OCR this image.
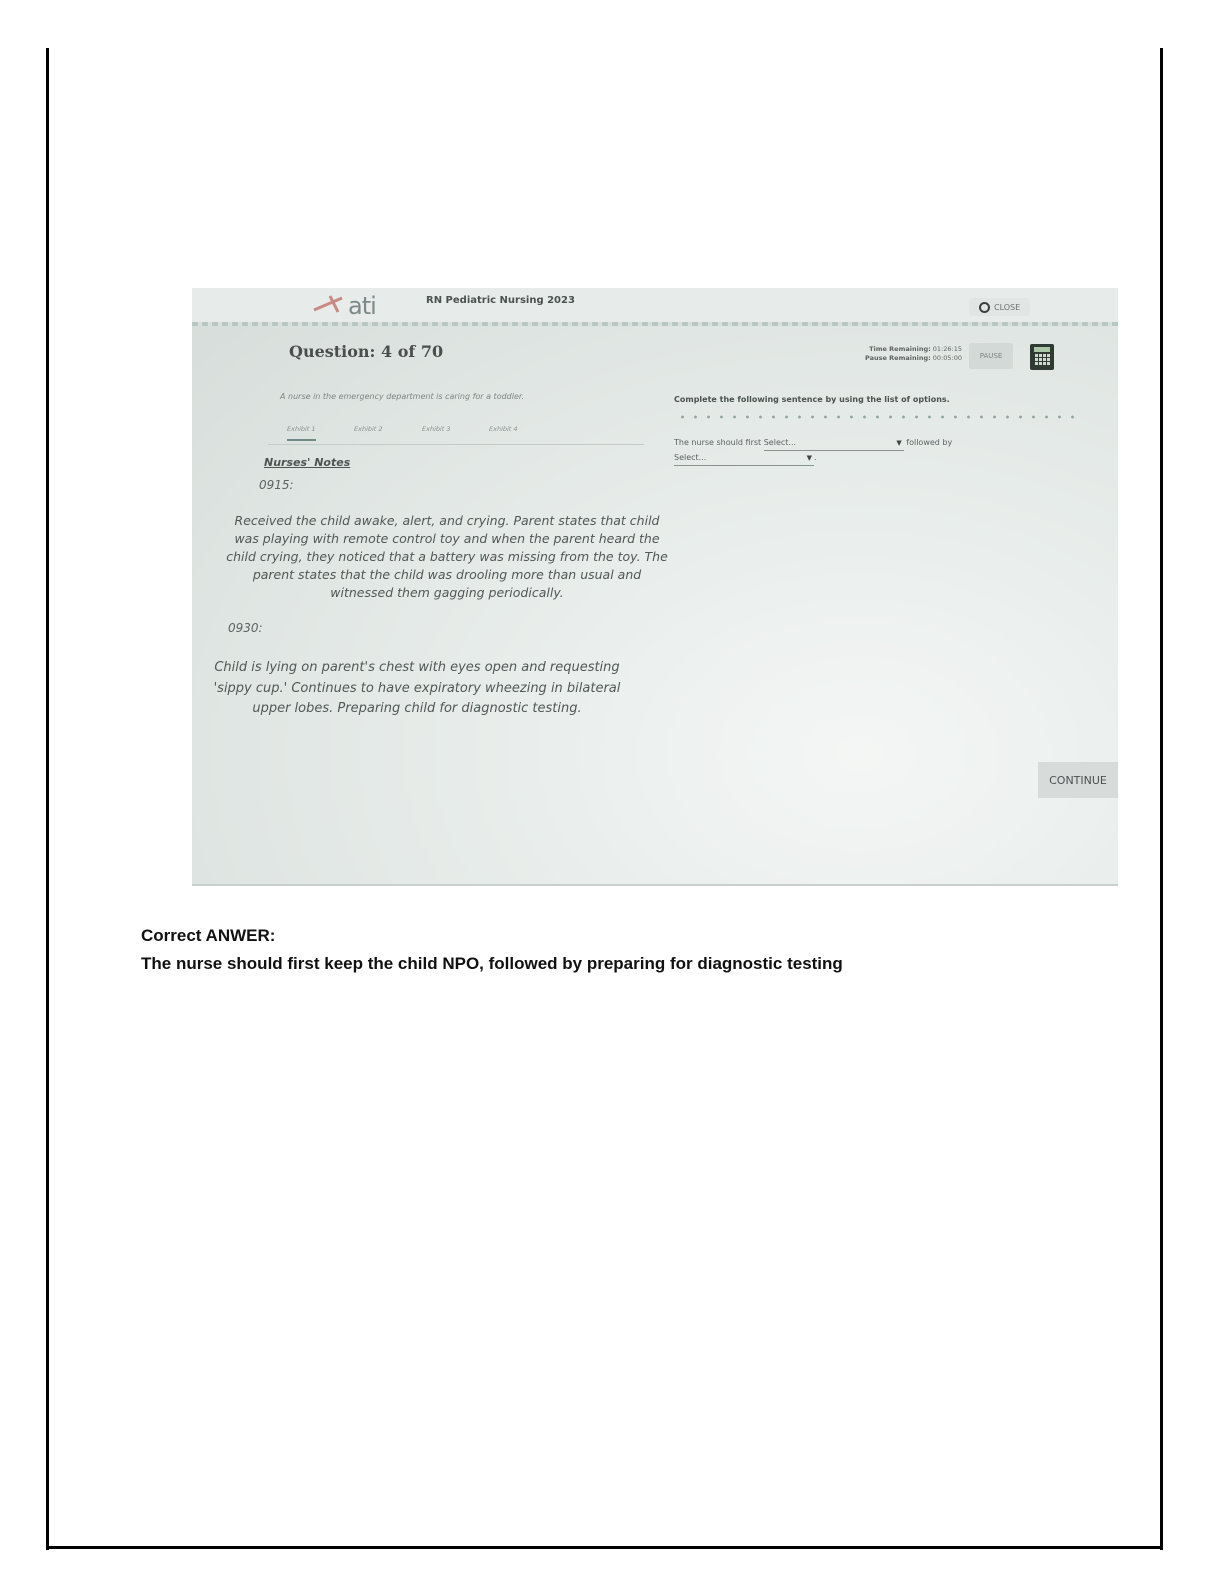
ati	RN Pediatric Nursing 2023
CLOSE
Question: 4 of 70	Time Remaining: 01:26:15
Pause Remaining: 00:05:00	PAUSE
A nurse in the emergency department is caring for a toddler.
Exhibit 1	Exhibit 2	Exhibit 3	Exhibit 4
Nurses' Notes
0915:
Received the child awake, alert, and crying. Parent states that child was playing with remote control toy and when the parent heard the child crying, they noticed that a battery was missing from the toy. The parent states that the child was drooling more than usual and witnessed them gagging periodically.
0930:
Child is lying on parent's chest with eyes open and requesting 'sippy cup.' Continues to have expiratory wheezing in bilateral upper lobes. Preparing child for diagnostic testing.
Complete the following sentence by using the list of options.
The nurse should first Select...	▼ followed by
Select...	▼ .
CONTINUE
Correct ANWER:
The nurse should first keep the child NPO, followed by preparing for diagnostic testing
